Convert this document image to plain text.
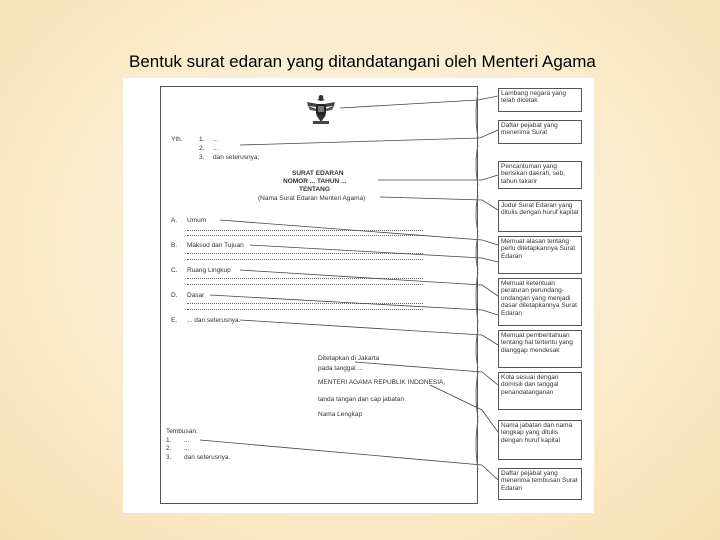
Bentuk surat edaran yang ditandatangani oleh Menteri Agama
Yth.	1. ...
2. ...
3. dan seterusnya;
SURAT EDARAN
NOMOR ... TAHUN ...
TENTANG
(Nama Surat Edaran Menteri Agama)
A. Umum
B. Maksud dan Tujuan
C. Ruang Lingkup
D. Dasar
E. ... dan seterusnya.
Ditetapkan di Jakarta
pada tanggal ...
MENTERI AGAMA REPUBLIK INDONESIA,
tanda tangan dan cap jabatan
Nama Lengkap
Tembusan:
1. ...
2. ...
3. dan seterusnya.
Lambang negara yang telah dicetak
Daftar pejabat yang menerima Surat
Pencantuman yang berisikan daerah, seb, tahun takarir
Judul Surat Edaran yang ditulis dengan huruf kapital
Memuat alasan tentang perlu ditetapkannya Surat Edaran
Memuat ketentuan peraturan perundang-undangan yang menjadi dasar ditetapkannya Surat Edaran
Memuat pemberitahuan tentang hal tertentu yang dianggap mendesak
Kota sesuai dengan domisili dan tanggal penandatanganan
Nama jabatan dan nama lengkap yang ditulis dengan huruf kapital
Daftar pejabat yang menerima tembusan Surat Edaran
